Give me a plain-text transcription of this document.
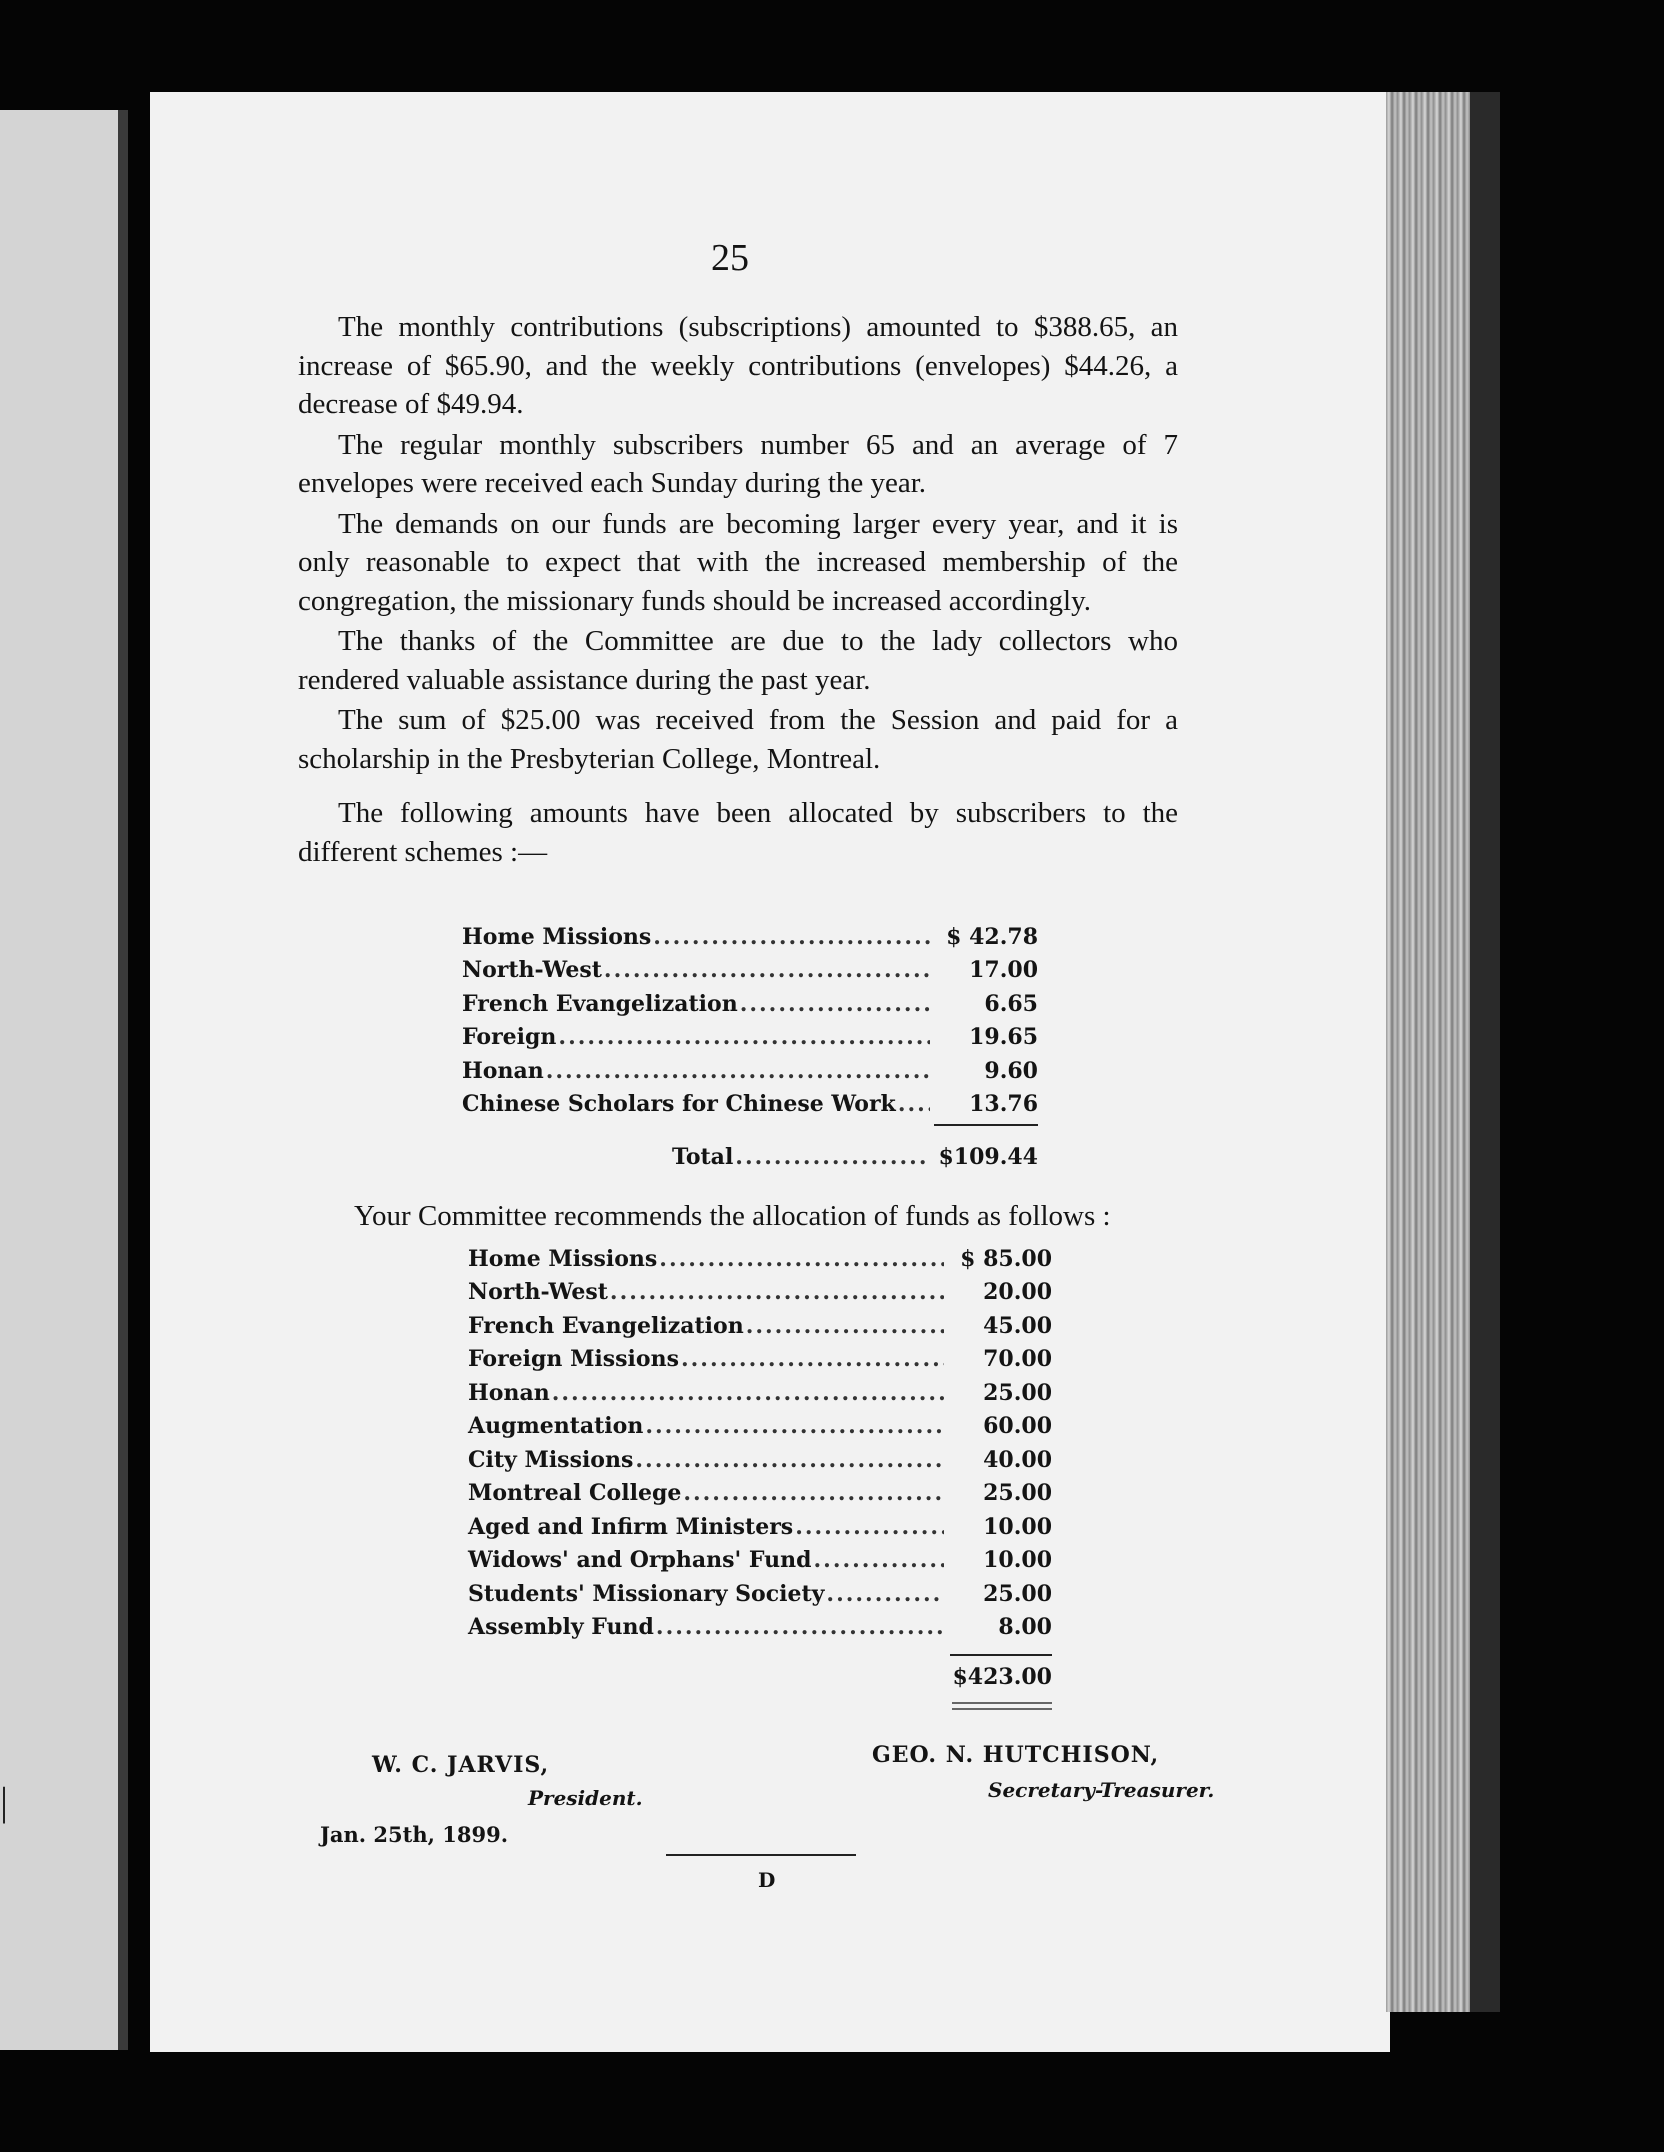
|
25

The monthly contributions (subscriptions) amounted to $388.65, an increase of $65.90, and the weekly contributions (envelopes) $44.26, a decrease of $49.94.

The regular monthly subscribers number 65 and an average of 7 envelopes were received each Sunday during the year.

The demands on our funds are becoming larger every year, and it is only reasonable to expect that with the increased membership of the congregation, the missionary funds should be increased accordingly.

The thanks of the Committee are due to the lady collectors who rendered valuable assistance during the past year.

The sum of $25.00 was received from the Session and paid for a scholarship in the Presbyterian College, Montreal.

The following amounts have been allocated by subscribers to the different schemes :—

Home Missions .....	$ 42.78
North-West .....	17.00
French Evangelization .....	6.65
Foreign .....	19.65
Honan .....	9.60
Chinese Scholars for Chinese Work .....	13.76
Total .....	$109.44
Your Committee recommends the allocation of funds as follows :
Home Missions .....	$ 85.00
North-West .....	20.00
French Evangelization .....	45.00
Foreign Missions .....	70.00
Honan .....	25.00
Augmentation .....	60.00
City Missions .....	40.00
Montreal College .....	25.00
Aged and Infirm Ministers .....	10.00
Widows' and Orphans' Fund .....	10.00
Students' Missionary Society .....	25.00
Assembly Fund .....	8.00
$423.00
W. C. JARVIS,
President.
GEO. N. HUTCHISON,
Secretary-Treasurer.
Jan. 25th, 1899.
D
